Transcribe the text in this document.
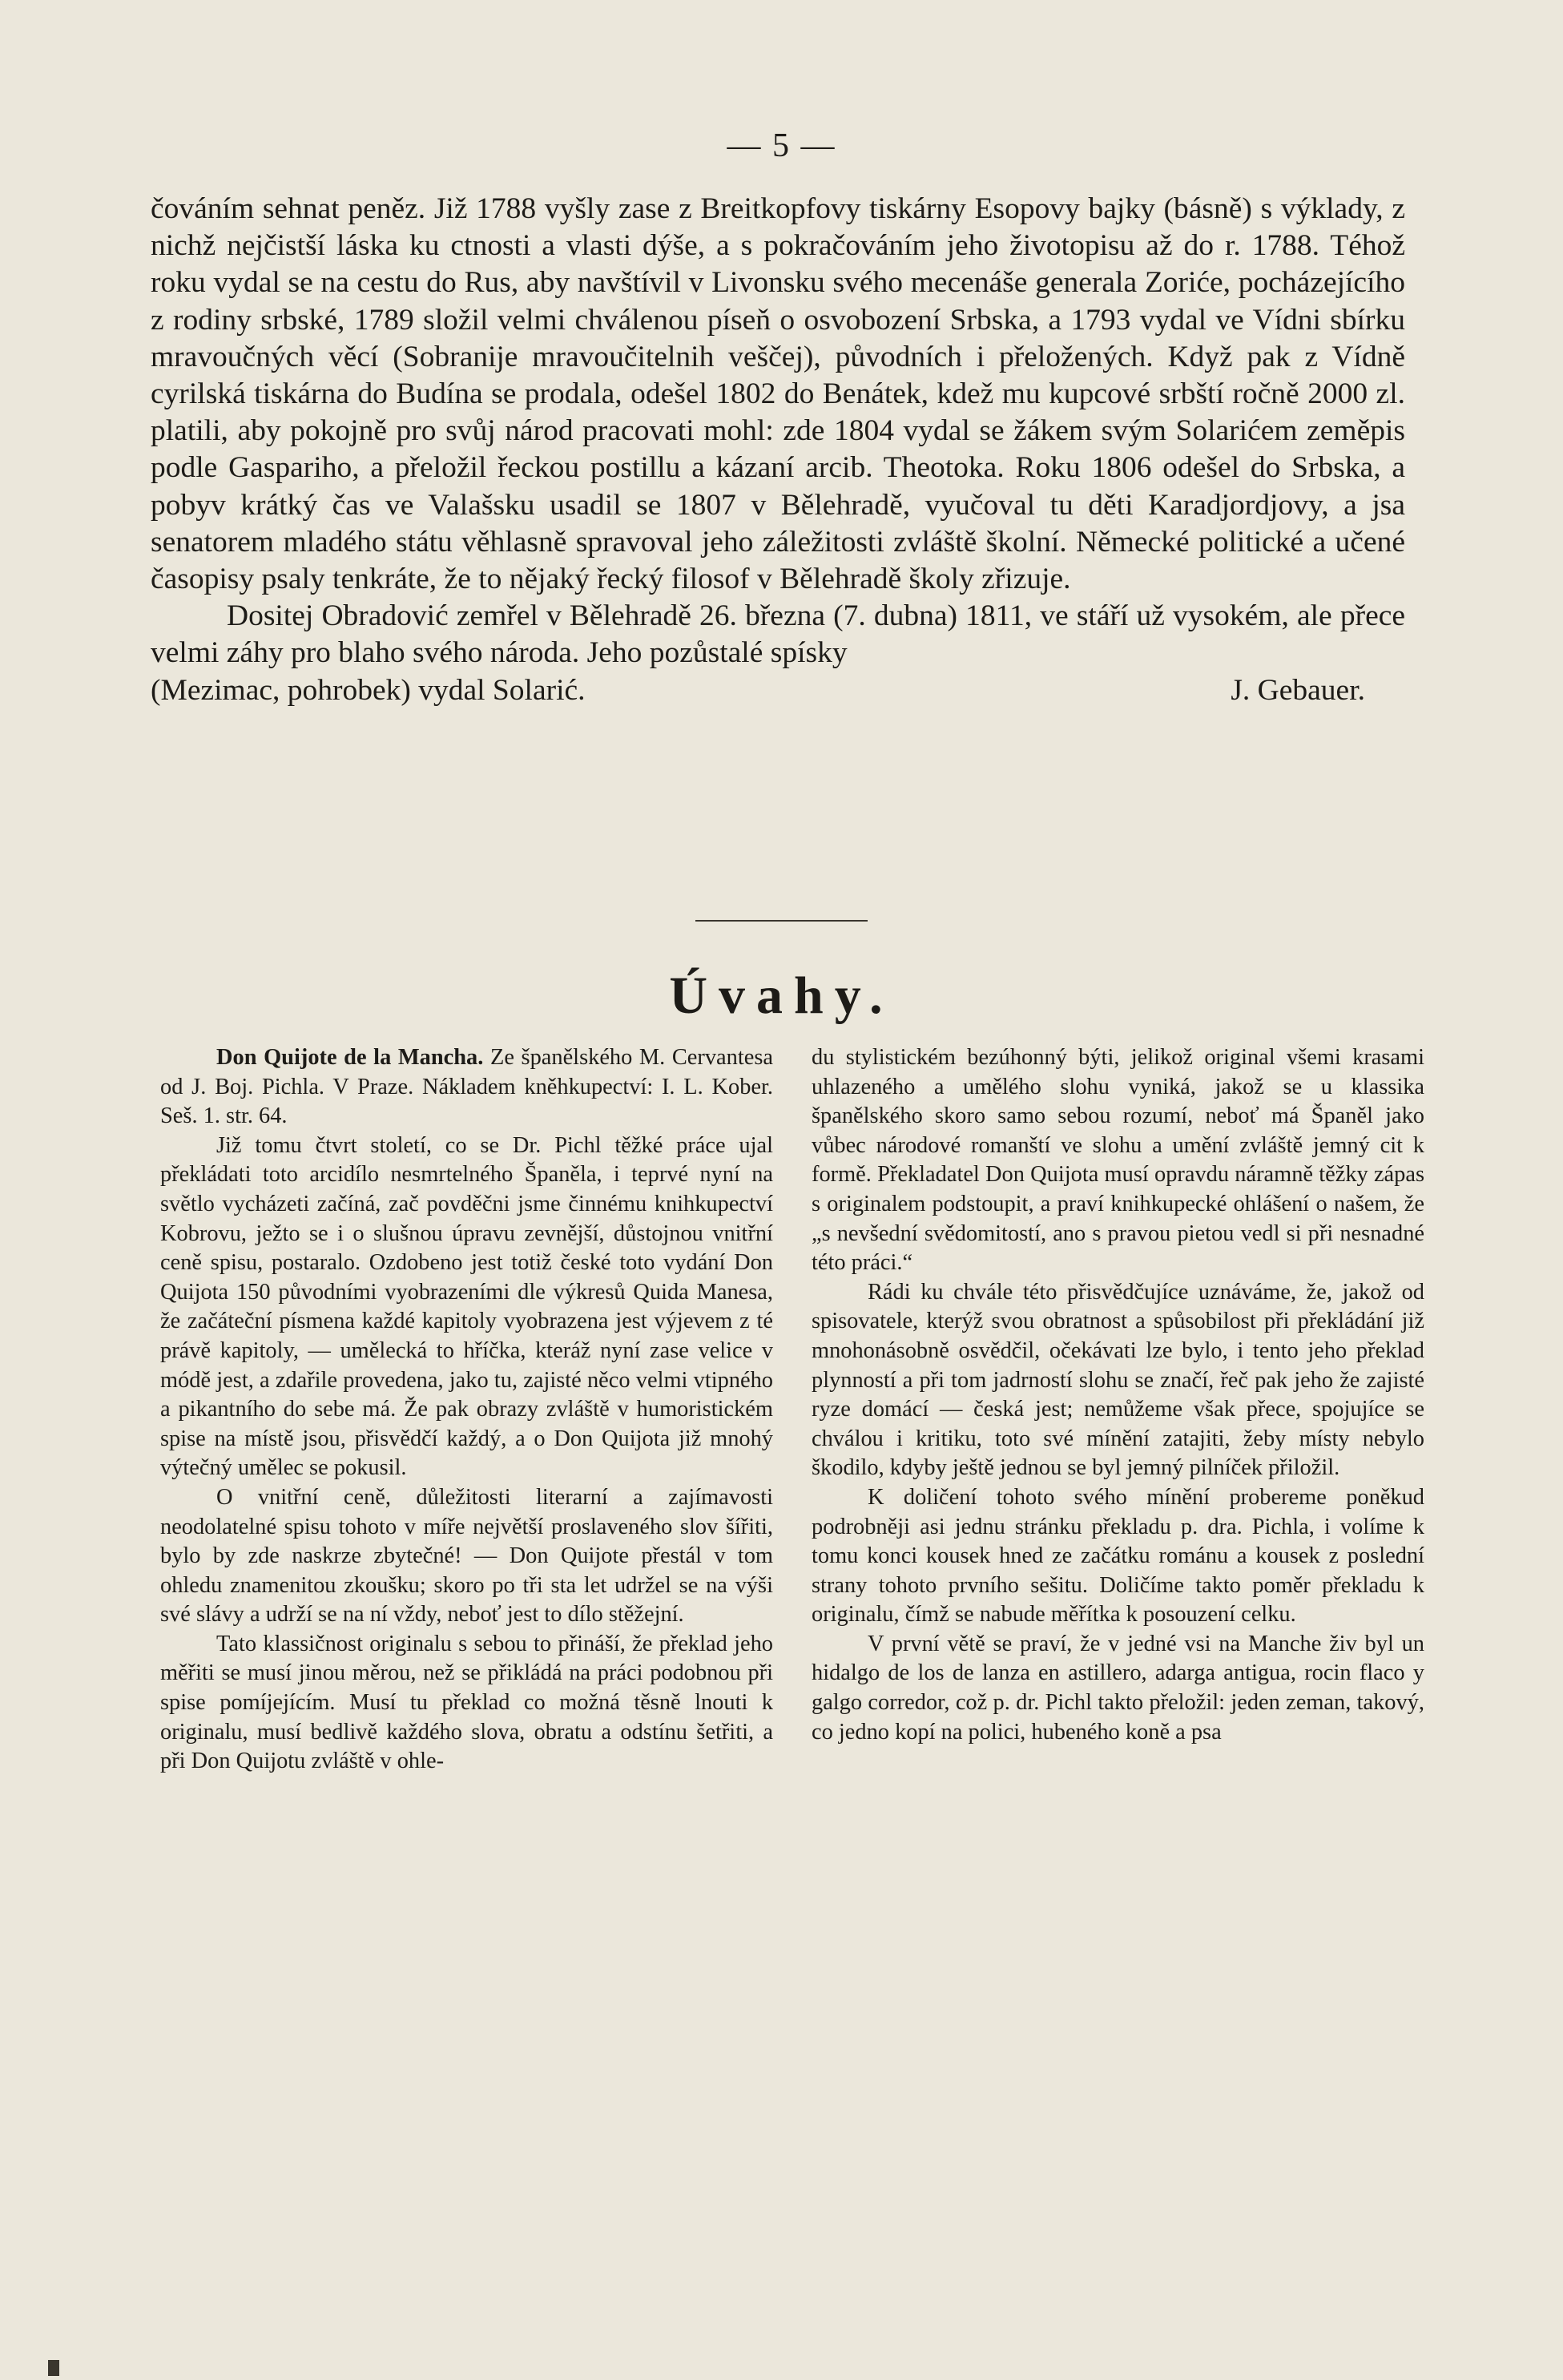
— 5 —

čováním sehnat peněz. Již 1788 vyšly zase z Breitkopfovy tiskárny Esopovy bajky (básně) s výklady, z nichž nejčistší láska ku ctnosti a vlasti dýše, a s pokračováním jeho životopisu až do r. 1788. Téhož roku vydal se na cestu do Rus, aby navštívil v Livonsku svého mecenáše generala Zoriće, pocházejícího z rodiny srbské, 1789 složil velmi chválenou píseň o osvobození Srbska, a 1793 vydal ve Vídni sbírku mravoučných věcí (Sobranije mravoučitelnih veščej), původních i přeložených. Když pak z Vídně cyrilská tiskárna do Budína se prodala, odešel 1802 do Benátek, kdež mu kupcové srbští ročně 2000 zl. platili, aby pokojně pro svůj národ pracovati mohl: zde 1804 vydal se žákem svým Solarićem zeměpis podle Gaspariho, a přeložil řeckou postillu a kázaní arcib. Theotoka. Roku 1806 odešel do Srbska, a pobyv krátký čas ve Valašsku usadil se 1807 v Bělehradě, vyučoval tu děti Karadjordjovy, a jsa senatorem mladého státu věhlasně spravoval jeho záležitosti zvláště školní. Německé politické a učené časopisy psaly tenkráte, že to nějaký řecký filosof v Bělehradě školy zřizuje.

Dositej Obradović zemřel v Bělehradě 26. března (7. dubna) 1811, ve stáří už vysokém, ale přece velmi záhy pro blaho svého národa. Jeho pozůstalé spísky

(Mezimac, pohrobek) vydal Solarić.	J. Gebauer.
Úvahy.

Don Quijote de la Mancha. Ze španělského M. Cervantesa od J. Boj. Pichla. V Praze. Nákladem kněhkupectví: I. L. Kober. Seš. 1. str. 64.

Již tomu čtvrt století, co se Dr. Pichl těžké práce ujal překládati toto arcidílo nesmrtelného Španěla, i teprvé nyní na světlo vycházeti začíná, zač povděčni jsme činnému knihkupectví Kobrovu, ježto se i o slušnou úpravu zevnější, důstojnou vnitřní ceně spisu, postaralo. Ozdobeno jest totiž české toto vydání Don Quijota 150 původními vyobrazeními dle výkresů Quida Manesa, že začáteční písmena každé kapitoly vyobrazena jest výjevem z té právě kapitoly, — umělecká to hříčka, kteráž nyní zase velice v módě jest, a zdařile provedena, jako tu, zajisté něco velmi vtipného a pikantního do sebe má. Že pak obrazy zvláště v humoristickém spise na místě jsou, přisvědčí každý, a o Don Quijota již mnohý výtečný umělec se pokusil.

O vnitřní ceně, důležitosti literarní a zajímavosti neodolatelné spisu tohoto v míře největší proslaveného slov šířiti, bylo by zde naskrze zbytečné! — Don Quijote přestál v tom ohledu znamenitou zkoušku; skoro po tři sta let udržel se na výši své slávy a udrží se na ní vždy, neboť jest to dílo stěžejní.

Tato klassičnost originalu s sebou to přináší, že překlad jeho měřiti se musí jinou měrou, než se přikládá na práci podobnou při spise pomíjejícím. Musí tu překlad co možná těsně lnouti k originalu, musí bedlivě každého slova, obratu a odstínu šetřiti, a při Don Quijotu zvláště v ohle-

du stylistickém bezúhonný býti, jelikož original všemi krasami uhlazeného a umělého slohu vyniká, jakož se u klassika španělského skoro samo sebou rozumí, neboť má Španěl jako vůbec národové romanští ve slohu a umění zvláště jemný cit k formě. Překladatel Don Quijota musí opravdu náramně těžky zápas s originalem podstoupit, a praví knihkupecké ohlášení o našem, že „s nevšední svědomitostí, ano s pravou pietou vedl si při nesnadné této práci.“

Rádi ku chvále této přisvědčujíce uznáváme, že, jakož od spisovatele, kterýž svou obratnost a spůsobilost při překládání již mnohonásobně osvědčil, očekávati lze bylo, i tento jeho překlad plynností a při tom jadrností slohu se značí, řeč pak jeho že zajisté ryze domácí — česká jest; nemůžeme však přece, spojujíce se chválou i kritiku, toto své mínění zatajiti, žeby místy nebylo škodilo, kdyby ještě jednou se byl jemný pilníček přiložil.

K doličení tohoto svého mínění probereme poněkud podrobněji asi jednu stránku překladu p. dra. Pichla, i volíme k tomu konci kousek hned ze začátku románu a kousek z poslední strany tohoto prvního sešitu. Doličíme takto poměr překladu k originalu, čímž se nabude měřítka k posouzení celku.

V první větě se praví, že v jedné vsi na Manche živ byl un hidalgo de los de lanza en astillero, adarga antigua, rocin flaco y galgo corredor, což p. dr. Pichl takto přeložil: jeden zeman, takový, co jedno kopí na polici, hubeného koně a psa
